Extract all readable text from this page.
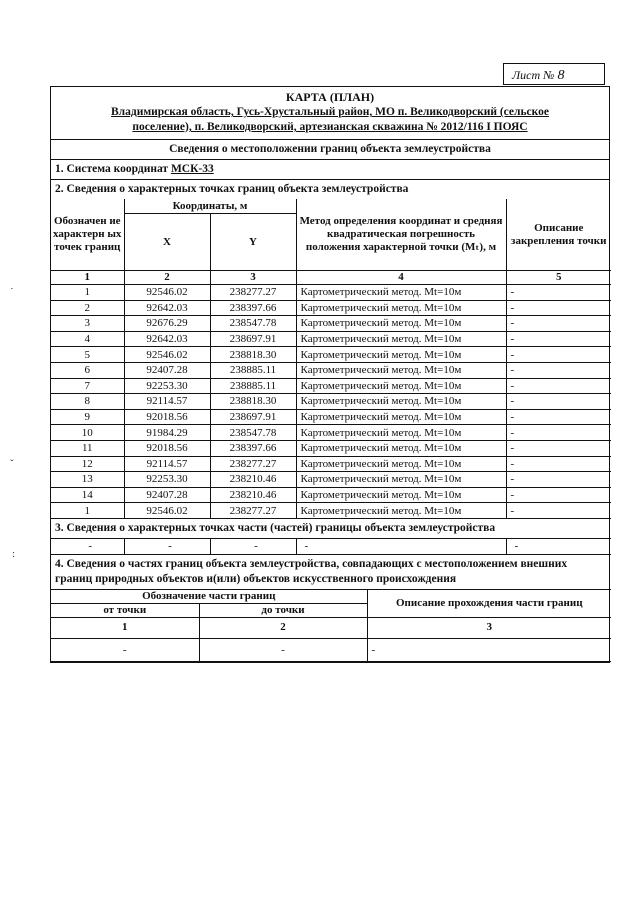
Лист № 8
КАРТА (ПЛАН)
Владимирская область, Гусь-Хрустальный район, МО п. Великодворский (сельское
поселение), п. Великодворский, артезианская скважина № 2012/116 I ПОЯС
Сведения о местоположении границ объекта землеустройства
1. Система координат МСК-33
2. Сведения о характерных точках границ объекта землеустройства
Обозначен ие характерн ых точек границ	Координаты, м		Метод определения координат и средняя квадратическая погрешность положения характерной точки (Mₜ), м	Описание закрепления точки
	X	Y		
1	2	3	4	5
1	92546.02	238277.27	Картометрический метод. Mt=10м	-
2	92642.03	238397.66	Картометрический метод. Mt=10м	-
3	92676.29	238547.78	Картометрический метод. Mt=10м	-
4	92642.03	238697.91	Картометрический метод. Mt=10м	-
5	92546.02	238818.30	Картометрический метод. Mt=10м	-
6	92407.28	238885.11	Картометрический метод. Mt=10м	-
7	92253.30	238885.11	Картометрический метод. Mt=10м	-
8	92114.57	238818.30	Картометрический метод. Mt=10м	-
9	92018.56	238697.91	Картометрический метод. Mt=10м	-
10	91984.29	238547.78	Картометрический метод. Mt=10м	-
11	92018.56	238397.66	Картометрический метод. Mt=10м	-
12	92114.57	238277.27	Картометрический метод. Mt=10м	-
13	92253.30	238210.46	Картометрический метод. Mt=10м	-
14	92407.28	238210.46	Картометрический метод. Mt=10м	-
1	92546.02	238277.27	Картометрический метод. Mt=10м	-
3. Сведения о характерных точках части (частей) границы объекта землеустройства
-	-	-	-	-
4. Сведения о частях границ объекта землеустройства, совпадающих с местоположением внешних границ природных объектов и(или) объектов искусственного происхождения
Обозначение части границ		Описание прохождения части границ
от точки	до точки	
1	2	3
-	-	-
˙
ˇ
:
